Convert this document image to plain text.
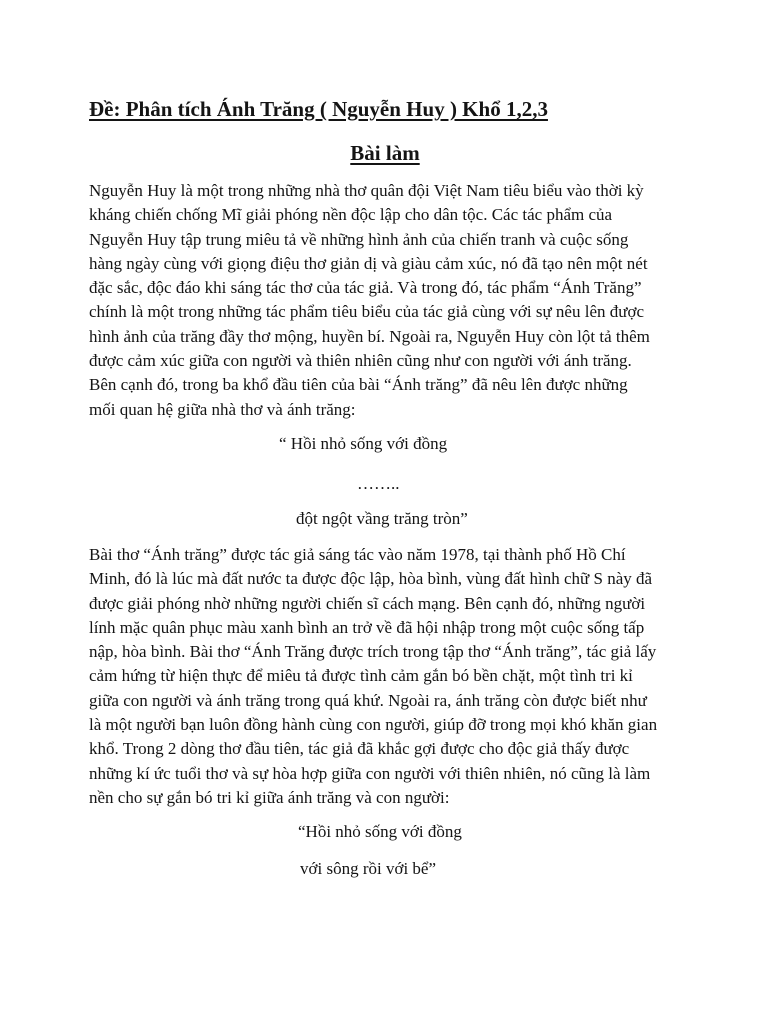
Đề: Phân tích Ánh Trăng ( Nguyễn Huy ) Khổ 1,2,3
Bài làm

Nguyễn Huy là một trong những nhà thơ quân đội Việt Nam tiêu biểu vào thời kỳ
kháng chiến chống Mĩ giải phóng nền độc lập cho dân tộc. Các tác phẩm của
Nguyễn Huy tập trung miêu tả về những hình ảnh của chiến tranh và cuộc sống
hàng ngày cùng với giọng điệu thơ giản dị và giàu cảm xúc, nó đã tạo nên một nét
đặc sắc, độc đáo khi sáng tác thơ của tác giả. Và trong đó, tác phẩm “Ánh Trăng”
chính là một trong những tác phẩm tiêu biểu của tác giả cùng với sự nêu lên được
hình ảnh của trăng đầy thơ mộng, huyền bí. Ngoài ra, Nguyễn Huy còn lột tả thêm
được cảm xúc giữa con người và thiên nhiên cũng như con người với ánh trăng.
Bên cạnh đó, trong ba khổ đầu tiên của bài “Ánh trăng” đã nêu lên được những
mối quan hệ giữa nhà thơ và ánh trăng:

“ Hồi nhỏ sống với đồng

……..

đột ngột vầng trăng tròn”

Bài thơ “Ánh trăng” được tác giả sáng tác vào năm 1978, tại thành phố Hồ Chí
Minh, đó là lúc mà đất nước ta được độc lập, hòa bình, vùng đất hình chữ S này đã
được giải phóng nhờ những người chiến sĩ cách mạng. Bên cạnh đó, những người
lính mặc quân phục màu xanh bình an trở về đã hội nhập trong một cuộc sống tấp
nập, hòa bình. Bài thơ “Ánh Trăng được trích trong tập thơ “Ánh trăng”, tác giả lấy
cảm hứng từ hiện thực để miêu tả được tình cảm gắn bó bền chặt, một tình tri kỉ
giữa con người và ánh trăng trong quá khứ. Ngoài ra, ánh trăng còn được biết như
là một người bạn luôn đồng hành cùng con người, giúp đỡ trong mọi khó khăn gian
khổ. Trong 2 dòng thơ đầu tiên, tác giả đã khắc gợi được cho độc giả thấy được
những kí ức tuổi thơ và sự hòa hợp giữa con người với thiên nhiên, nó cũng là làm
nền cho sự gắn bó tri kỉ giữa ánh trăng và con người:

“Hồi nhỏ sống với đồng

với sông rồi với bể”
